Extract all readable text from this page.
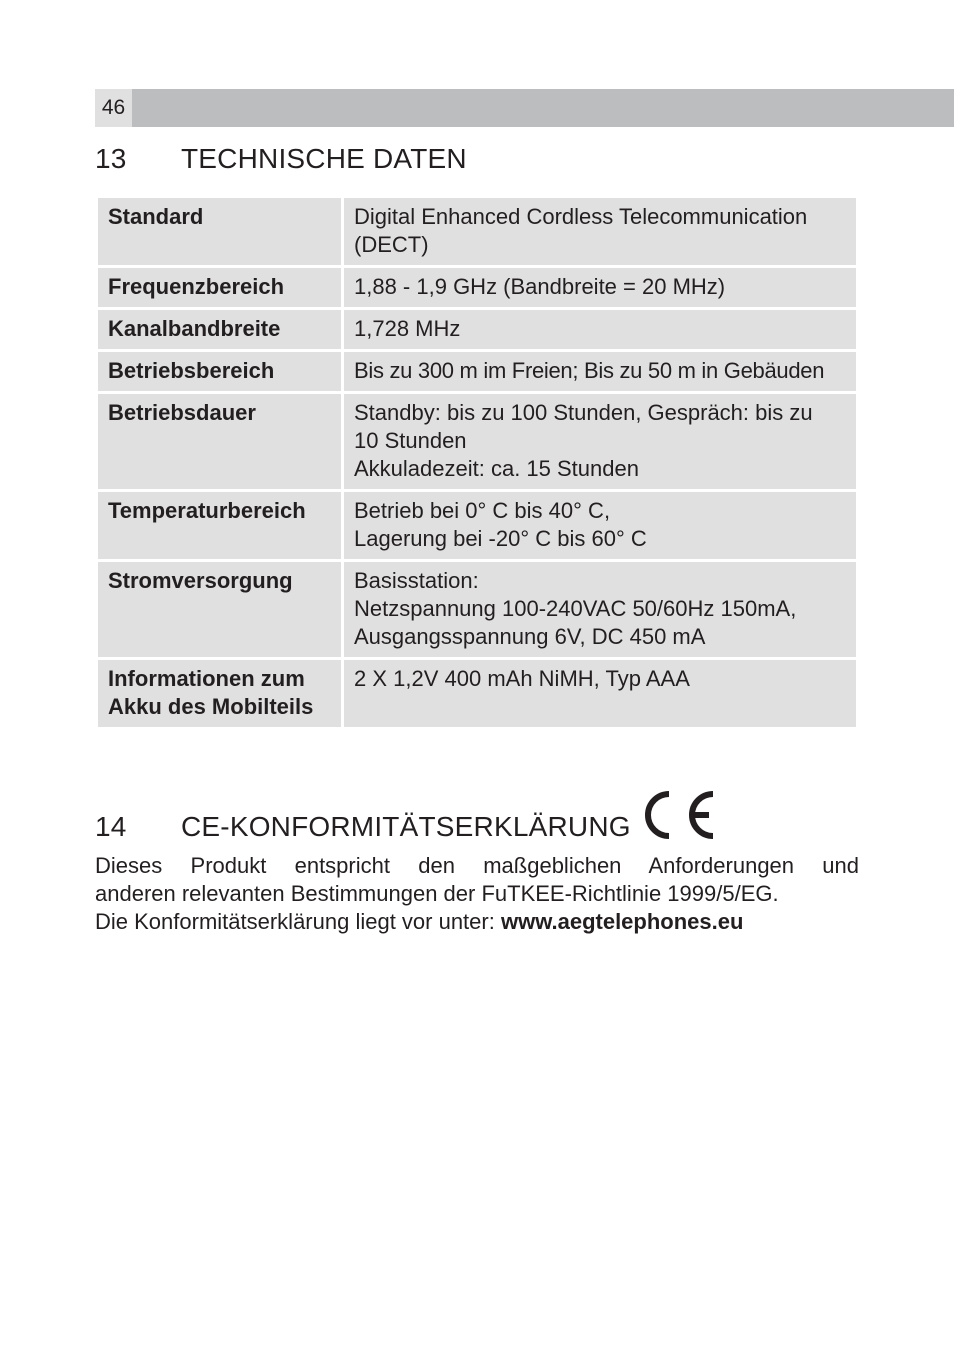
46
13 TECHNISCHE DATEN
Standard	Digital Enhanced Cordless Telecommunication
(DECT)

Frequenzbereich	1,88 - 1,9 GHz (Bandbreite = 20 MHz)

Kanalbandbreite	1,728 MHz

Betriebsbereich	Bis zu 300 m im Freien; Bis zu 50 m in Gebäuden

Betriebsdauer	Standby: bis zu 100 Stunden, Gespräch: bis zu
10 Stunden
Akkuladezeit: ca. 15 Stunden

Temperaturbereich	Betrieb bei 0° C bis 40° C,
Lagerung bei -20° C bis 60° C

Stromversorgung	Basisstation:
Netzspannung 100-240VAC 50/60Hz 150mA,
Ausgangsspannung 6V, DC 450 mA

Informationen zum
Akku des Mobilteils	2 X 1,2V 400 mAh NiMH, Typ AAA
14 CE-KONFORMITÄTSERKLÄRUNG

Dieses Produkt entspricht den maßgeblichen Anforderungen und
anderen relevanten Bestimmungen der FuTKEE-Richtlinie 1999/5/EG.
Die Konformitätserklärung liegt vor unter: www.aegtelephones.eu
